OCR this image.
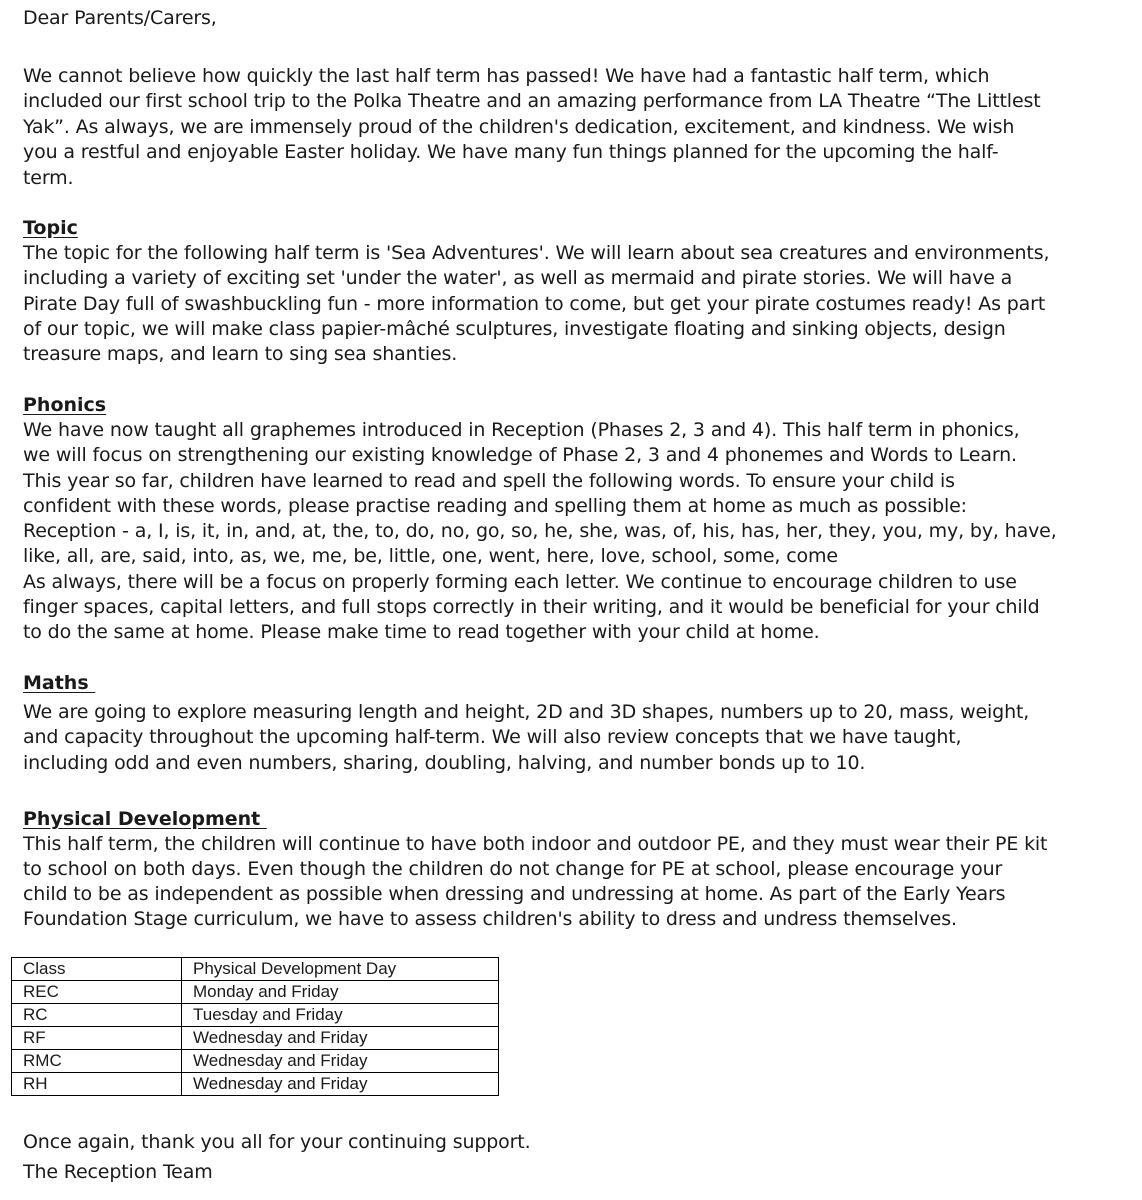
Dear Parents/Carers,
We cannot believe how quickly the last half term has passed! We have had a fantastic half term, which
included our first school trip to the Polka Theatre and an amazing performance from LA Theatre “The Littlest
Yak”. As always, we are immensely proud of the children's dedication, excitement, and kindness. We wish
you a restful and enjoyable Easter holiday. We have many fun things planned for the upcoming the half-
term.
Topic
The topic for the following half term is 'Sea Adventures'. We will learn about sea creatures and environments,
including a variety of exciting set 'under the water', as well as mermaid and pirate stories. We will have a
Pirate Day full of swashbuckling fun - more information to come, but get your pirate costumes ready! As part
of our topic, we will make class papier-mâché sculptures, investigate floating and sinking objects, design
treasure maps, and learn to sing sea shanties.
Phonics
We have now taught all graphemes introduced in Reception (Phases 2, 3 and 4). This half term in phonics,
we will focus on strengthening our existing knowledge of Phase 2, 3 and 4 phonemes and Words to Learn.
This year so far, children have learned to read and spell the following words. To ensure your child is
confident with these words, please practise reading and spelling them at home as much as possible:
Reception - a, I, is, it, in, and, at, the, to, do, no, go, so, he, she, was, of, his, has, her, they, you, my, by, have,
like, all, are, said, into, as, we, me, be, little, one, went, here, love, school, some, come
As always, there will be a focus on properly forming each letter. We continue to encourage children to use
finger spaces, capital letters, and full stops correctly in their writing, and it would be beneficial for your child
to do the same at home. Please make time to read together with your child at home.
Maths
We are going to explore measuring length and height, 2D and 3D shapes, numbers up to 20, mass, weight,
and capacity throughout the upcoming half-term. We will also review concepts that we have taught,
including odd and even numbers, sharing, doubling, halving, and number bonds up to 10.
Physical Development
This half term, the children will continue to have both indoor and outdoor PE, and they must wear their PE kit
to school on both days. Even though the children do not change for PE at school, please encourage your
child to be as independent as possible when dressing and undressing at home. As part of the Early Years
Foundation Stage curriculum, we have to assess children's ability to dress and undress themselves.
Once again, thank you all for your continuing support.
The Reception Team
Class	Physical Development Day
REC	Monday and Friday
RC	Tuesday and Friday
RF	Wednesday and Friday
RMC	Wednesday and Friday
RH	Wednesday and Friday
